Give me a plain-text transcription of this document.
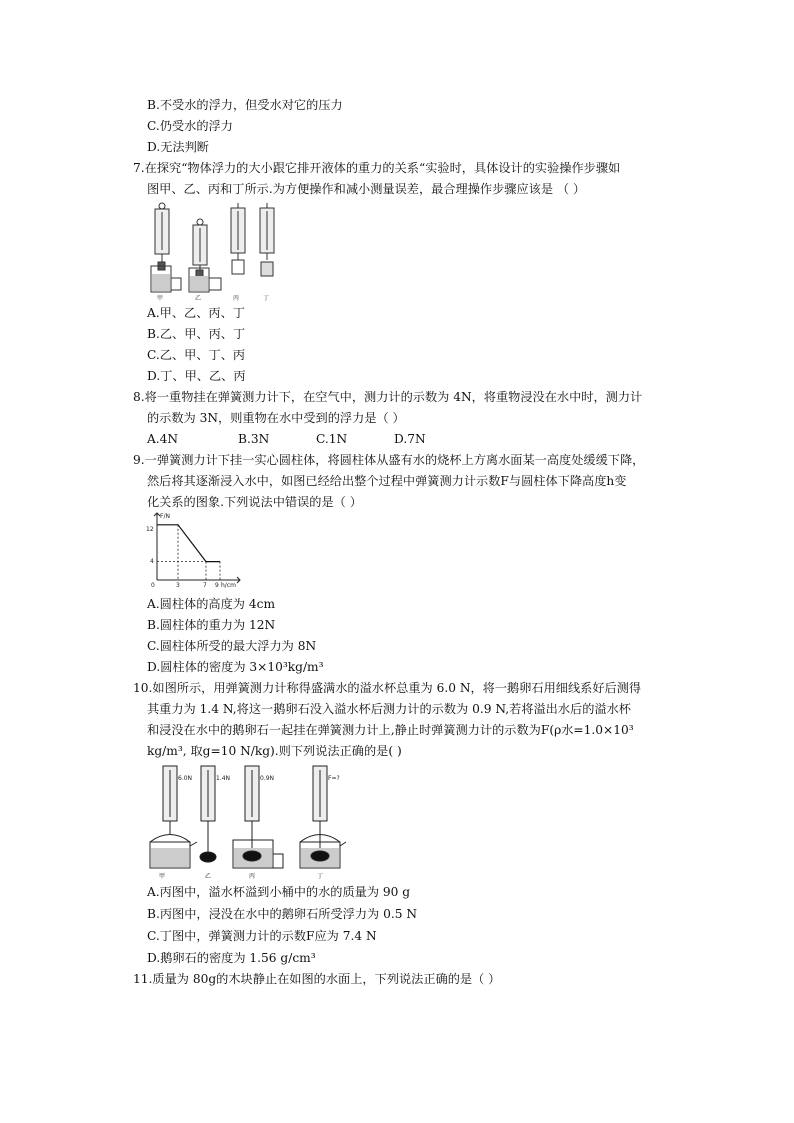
B.不受水的浮力，但受水对它的压力
C.仍受水的浮力
D.无法判断
7.在探究“物体浮力的大小跟它排开液体的重力的关系“实验时，具体设计的实验操作步骤如
图甲、乙、丙和丁所示.为方便操作和减小测量误差，最合理操作步骤应该是 （ ）
甲	乙	丙	丁
A.甲、乙、丙、丁
B.乙、甲、丙、丁
C.乙、甲、丁、丙
D.丁、甲、乙、丙
8.将一重物挂在弹簧测力计下，在空气中，测力计的示数为 4N，将重物浸没在水中时，测力计
的示数为 3N，则重物在水中受到的浮力是（ ）
A.4N	B.3N	C.1N	D.7N
9.一弹簧测力计下挂一实心圆柱体，将圆柱体从盛有水的烧杯上方离水面某一高度处缓缓下降，
然后将其逐渐浸入水中，如图已经给出整个过程中弹簧测力计示数F与圆柱体下降高度h变
化关系的图象.下列说法中错误的是（ ）
F/N
h/cm
12
4
0	3	7 9
A.圆柱体的高度为 4cm
B.圆柱体的重力为 12N
C.圆柱体所受的最大浮力为 8N
D.圆柱体的密度为 3×10³kg/m³
10.如图所示，用弹簧测力计称得盛满水的溢水杯总重为 6.0 N，将一鹅卵石用细线系好后测得
其重力为 1.4 N,将这一鹅卵石没入溢水杯后测力计的示数为 0.9 N,若将溢出水后的溢水杯
和浸没在水中的鹅卵石一起挂在弹簧测力计上,静止时弹簧测力计的示数为F(ρ水=1.0×10³
kg/m³, 取g=10 N/kg).则下列说法正确的是( )
6.0N	1.4N	0.9N	F=?
甲	乙	丙	丁
A.丙图中，溢水杯溢到小桶中的水的质量为 90 g
B.丙图中，浸没在水中的鹅卵石所受浮力为 0.5 N
C.丁图中，弹簧测力计的示数F应为 7.4 N
D.鹅卵石的密度为 1.56 g/cm³
11.质量为 80g的木块静止在如图的水面上，下列说法正确的是（ ）
